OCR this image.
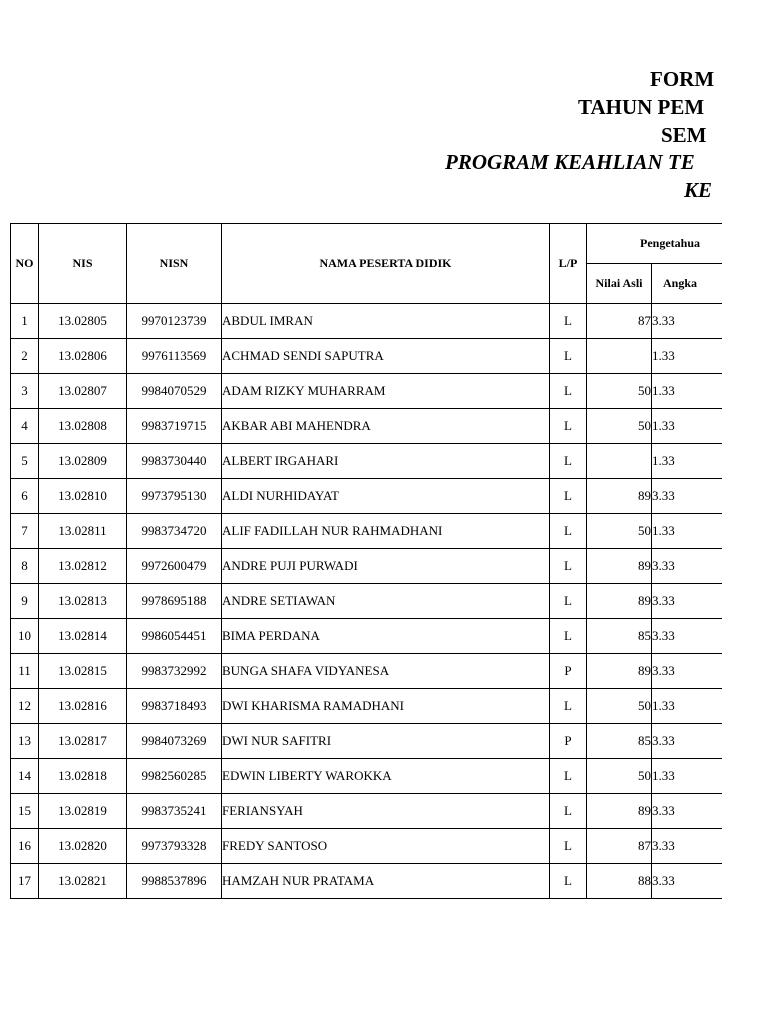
FORM
TAHUN PEM
SEM
PROGRAM KEAHLIAN TE
KE
NO	NIS	NISN	NAMA PESERTA DIDIK	L/P	Pengetahua	
					Nilai Asli	Angka
1	13.02805	9970123739	ABDUL IMRAN	L	87	3.33
2	13.02806	9976113569	ACHMAD SENDI SAPUTRA	L		1.33
3	13.02807	9984070529	ADAM RIZKY MUHARRAM	L	50	1.33
4	13.02808	9983719715	AKBAR ABI MAHENDRA	L	50	1.33
5	13.02809	9983730440	ALBERT IRGAHARI	L		1.33
6	13.02810	9973795130	ALDI NURHIDAYAT	L	89	3.33
7	13.02811	9983734720	ALIF FADILLAH NUR RAHMADHANI	L	50	1.33
8	13.02812	9972600479	ANDRE PUJI PURWADI	L	89	3.33
9	13.02813	9978695188	ANDRE SETIAWAN	L	89	3.33
10	13.02814	9986054451	BIMA PERDANA	L	85	3.33
11	13.02815	9983732992	BUNGA SHAFA VIDYANESA	P	89	3.33
12	13.02816	9983718493	DWI KHARISMA RAMADHANI	L	50	1.33
13	13.02817	9984073269	DWI NUR SAFITRI	P	85	3.33
14	13.02818	9982560285	EDWIN LIBERTY WAROKKA	L	50	1.33
15	13.02819	9983735241	FERIANSYAH	L	89	3.33
16	13.02820	9973793328	FREDY SANTOSO	L	87	3.33
17	13.02821	9988537896	HAMZAH NUR PRATAMA	L	88	3.33
